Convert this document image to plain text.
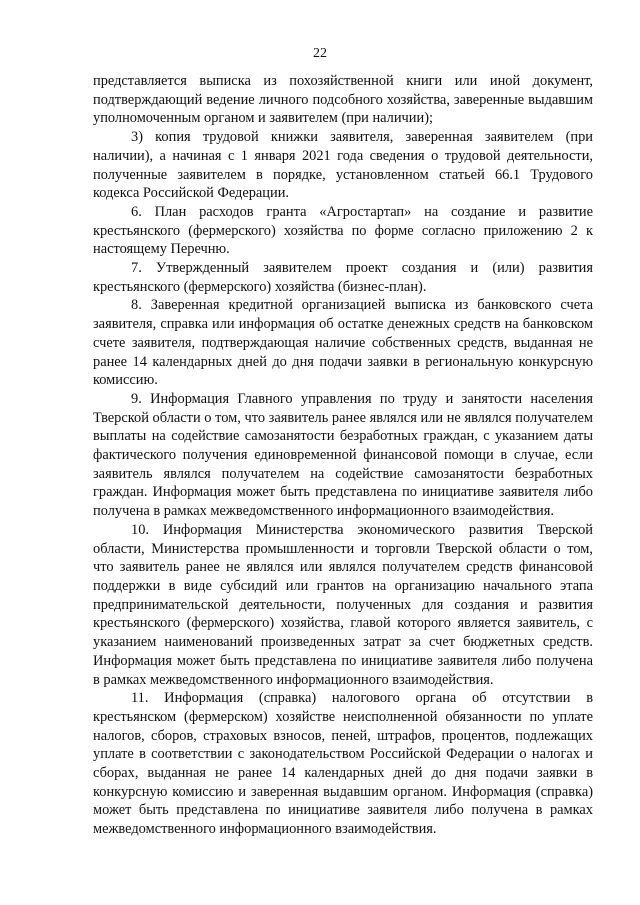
22

представляется выписка из похозяйственной книги или иной документ, подтверждающий ведение личного подсобного хозяйства, заверенные выдавшим уполномоченным органом и заявителем (при наличии);

3) копия трудовой книжки заявителя, заверенная заявителем (при наличии), а начиная с 1 января 2021 года сведения о трудовой деятельности, полученные заявителем в порядке, установленном статьей 66.1 Трудового кодекса Российской Федерации.

6. План расходов гранта «Агростартап» на создание и развитие крестьянского (фермерского) хозяйства по форме согласно приложению 2 к настоящему Перечню.

7. Утвержденный заявителем проект создания и (или) развития крестьянского (фермерского) хозяйства (бизнес-план).

8. Заверенная кредитной организацией выписка из банковского счета заявителя, справка или информация об остатке денежных средств на банковском счете заявителя, подтверждающая наличие собственных средств, выданная не ранее 14 календарных дней до дня подачи заявки в региональную конкурсную комиссию.

9. Информация Главного управления по труду и занятости населения Тверской области о том, что заявитель ранее являлся или не являлся получателем выплаты на содействие самозанятости безработных граждан, с указанием даты фактического получения единовременной финансовой помощи в случае, если заявитель являлся получателем на содействие самозанятости безработных граждан. Информация может быть представлена по инициативе заявителя либо получена в рамках межведомственного информационного взаимодействия.

10. Информация Министерства экономического развития Тверской области, Министерства промышленности и торговли Тверской области о том, что заявитель ранее не являлся или являлся получателем средств финансовой поддержки в виде субсидий или грантов на организацию начального этапа предпринимательской деятельности, полученных для создания и развития крестьянского (фермерского) хозяйства, главой которого является заявитель, с указанием наименований произведенных затрат за счет бюджетных средств. Информация может быть представлена по инициативе заявителя либо получена в рамках межведомственного информационного взаимодействия.

11. Информация (справка) налогового органа об отсутствии в крестьянском (фермерском) хозяйстве неисполненной обязанности по уплате налогов, сборов, страховых взносов, пеней, штрафов, процентов, подлежащих уплате в соответствии с законодательством Российской Федерации о налогах и сборах, выданная не ранее 14 календарных дней до дня подачи заявки в конкурсную комиссию и заверенная выдавшим органом. Информация (справка) может быть представлена по инициативе заявителя либо получена в рамках межведомственного информационного взаимодействия.
